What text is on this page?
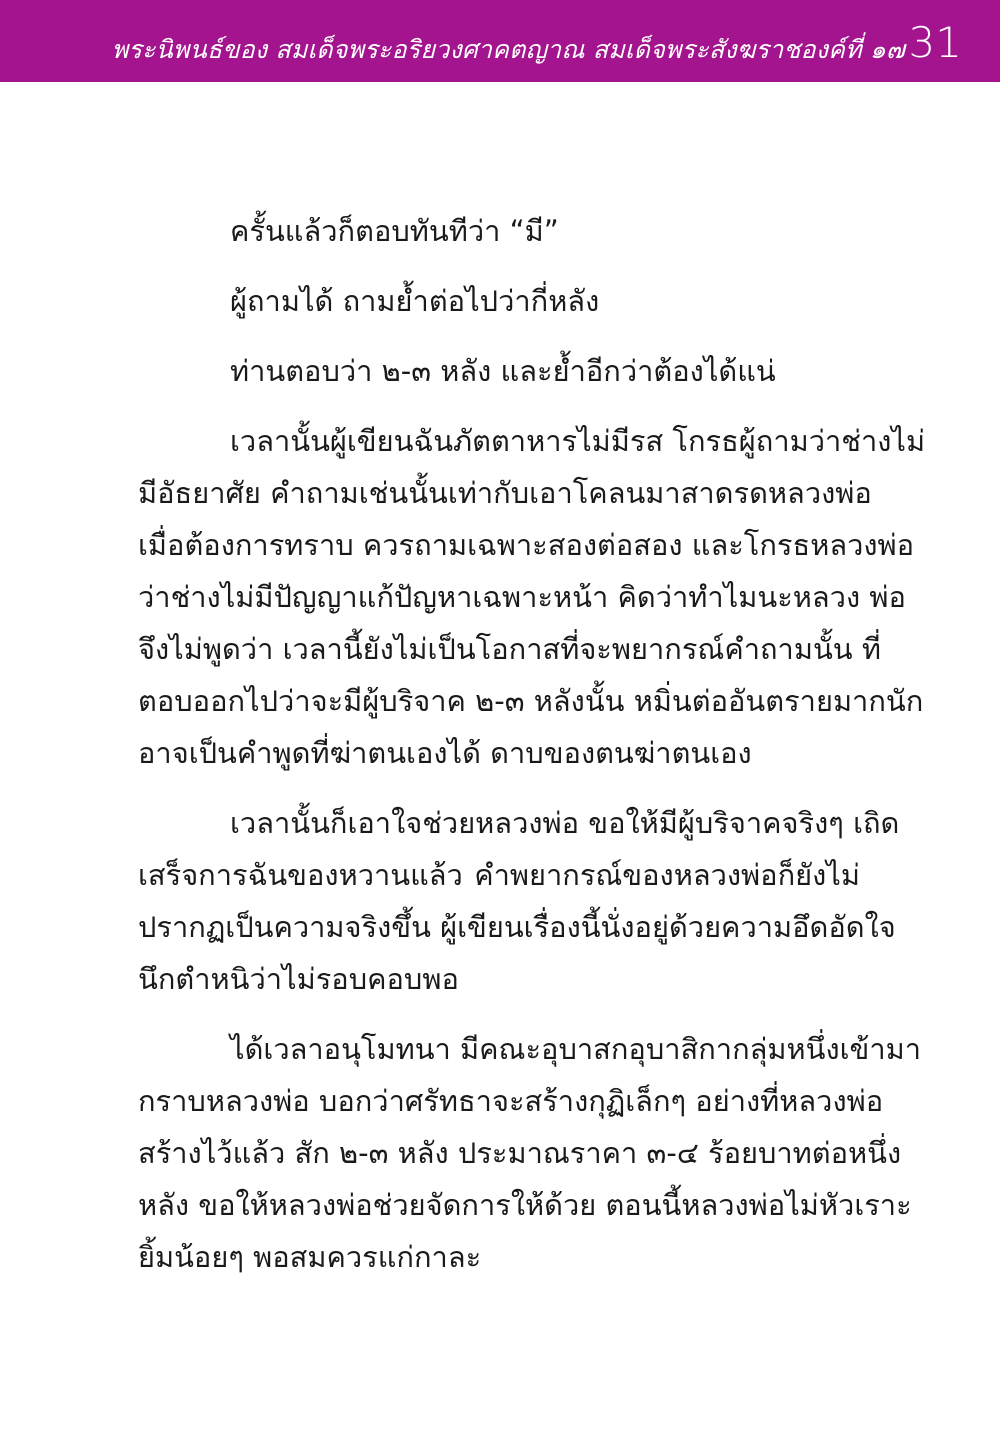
พระนิพนธ์ของ สมเด็จพระอริยวงศาคตญาณ สมเด็จพระสังฆราชองค์ที่ ๑๗ 31
ครั้นแล้วก็ตอบทันทีว่า “มี”
ผู้ถามได้ ถามย้ำต่อไปว่ากี่หลัง
ท่านตอบว่า ๒-๓ หลัง และย้ำอีกว่าต้องได้แน่
เวลานั้นผู้เขียนฉันภัตตาหารไม่มีรส โกรธผู้ถามว่าช่างไม่
มีอัธยาศัย คำถามเช่นนั้นเท่ากับเอาโคลนมาสาดรดหลวงพ่อ
เมื่อต้องการทราบ ควรถามเฉพาะสองต่อสอง และโกรธหลวงพ่อ
ว่าช่างไม่มีปัญญาแก้ปัญหาเฉพาะหน้า คิดว่าทำไมนะหลวง พ่อ
จึงไม่พูดว่า เวลานี้ยังไม่เป็นโอกาสที่จะพยากรณ์คำถามนั้น ที่
ตอบออกไปว่าจะมีผู้บริจาค ๒-๓ หลังนั้น หมิ่นต่ออันตรายมากนัก
อาจเป็นคำพูดที่ฆ่าตนเองได้ ดาบของตนฆ่าตนเอง
เวลานั้นก็เอาใจช่วยหลวงพ่อ ขอให้มีผู้บริจาคจริงๆ เถิด
เสร็จการฉันของหวานแล้ว คำพยากรณ์ของหลวงพ่อก็ยังไม่
ปรากฏเป็นความจริงขึ้น ผู้เขียนเรื่องนี้นั่งอยู่ด้วยความอึดอัดใจ
นึกตำหนิว่าไม่รอบคอบพอ
ได้เวลาอนุโมทนา มีคณะอุบาสกอุบาสิกากลุ่มหนึ่งเข้ามา
กราบหลวงพ่อ บอกว่าศรัทธาจะสร้างกุฏิเล็กๆ อย่างที่หลวงพ่อ
สร้างไว้แล้ว สัก ๒-๓ หลัง ประมาณราคา ๓-๔ ร้อยบาทต่อหนึ่ง
หลัง ขอให้หลวงพ่อช่วยจัดการให้ด้วย ตอนนี้หลวงพ่อไม่หัวเราะ
ยิ้มน้อยๆ พอสมควรแก่กาละ
